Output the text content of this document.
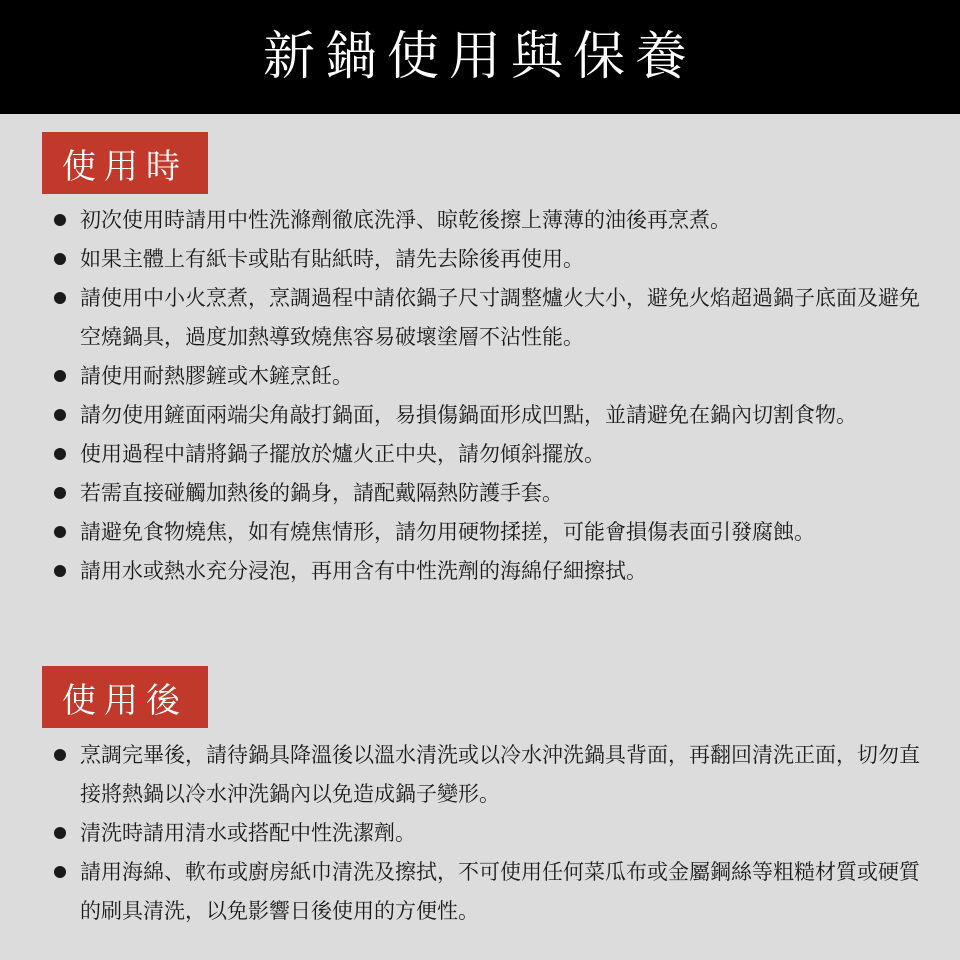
新鍋使用與保養
使用時
初次使用時請用中性洗滌劑徹底洗淨、晾乾後擦上薄薄的油後再烹煮。
如果主體上有紙卡或貼有貼紙時，請先去除後再使用。
請使用中小火烹煮，烹調過程中請依鍋子尺寸調整爐火大小，避免火焰超過鍋子底面及避免空燒鍋具，過度加熱導致燒焦容易破壞塗層不沾性能。
請使用耐熱膠鏟或木鏟烹飪。
請勿使用鏟面兩端尖角敲打鍋面，易損傷鍋面形成凹點，並請避免在鍋內切割食物。
使用過程中請將鍋子擺放於爐火正中央，請勿傾斜擺放。
若需直接碰觸加熱後的鍋身，請配戴隔熱防護手套。
請避免食物燒焦，如有燒焦情形，請勿用硬物揉搓，可能會損傷表面引發腐蝕。
請用水或熱水充分浸泡，再用含有中性洗劑的海綿仔細擦拭。
使用後
烹調完畢後，請待鍋具降溫後以溫水清洗或以冷水沖洗鍋具背面，再翻回清洗正面，切勿直接將熱鍋以冷水沖洗鍋內以免造成鍋子變形。
清洗時請用清水或搭配中性洗潔劑。
請用海綿、軟布或廚房紙巾清洗及擦拭，不可使用任何菜瓜布或金屬鋼絲等粗糙材質或硬質的刷具清洗，以免影響日後使用的方便性。
